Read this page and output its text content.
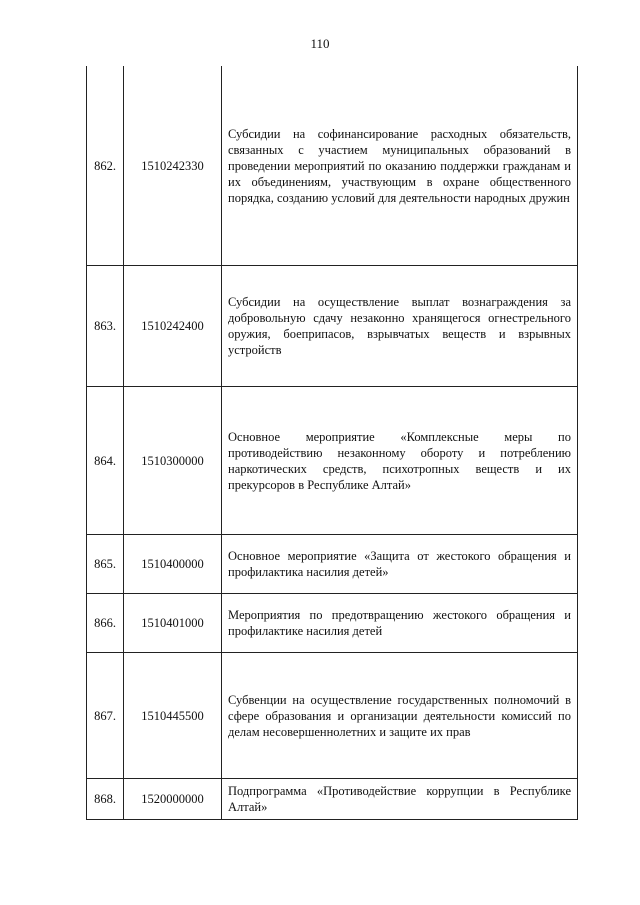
110
862.	1510242330	Субсидии на софинансирование расходных обязательств, связанных с участием муниципальных образований в проведении мероприятий по оказанию поддержки гражданам и их объединениям, участвующим в охране общественного порядка, созданию условий для деятельности народных дружин
863.	1510242400	Субсидии на осуществление выплат вознаграждения за добровольную сдачу незаконно хранящегося огнестрельного оружия, боеприпасов, взрывчатых веществ и взрывных устройств
864.	1510300000	Основное мероприятие «Комплексные меры по противодействию незаконному обороту и потреблению наркотических средств, психотропных веществ и их прекурсоров в Республике Алтай»
865.	1510400000	Основное мероприятие «Защита от жестокого обращения и профилактика насилия детей»
866.	1510401000	Мероприятия по предотвращению жестокого обращения и профилактике насилия детей
867.	1510445500	Субвенции на осуществление государственных полномочий в сфере образования и организации деятельности комиссий по делам несовершеннолетних и защите их прав
868.	1520000000	Подпрограмма «Противодействие коррупции в Республике Алтай»
